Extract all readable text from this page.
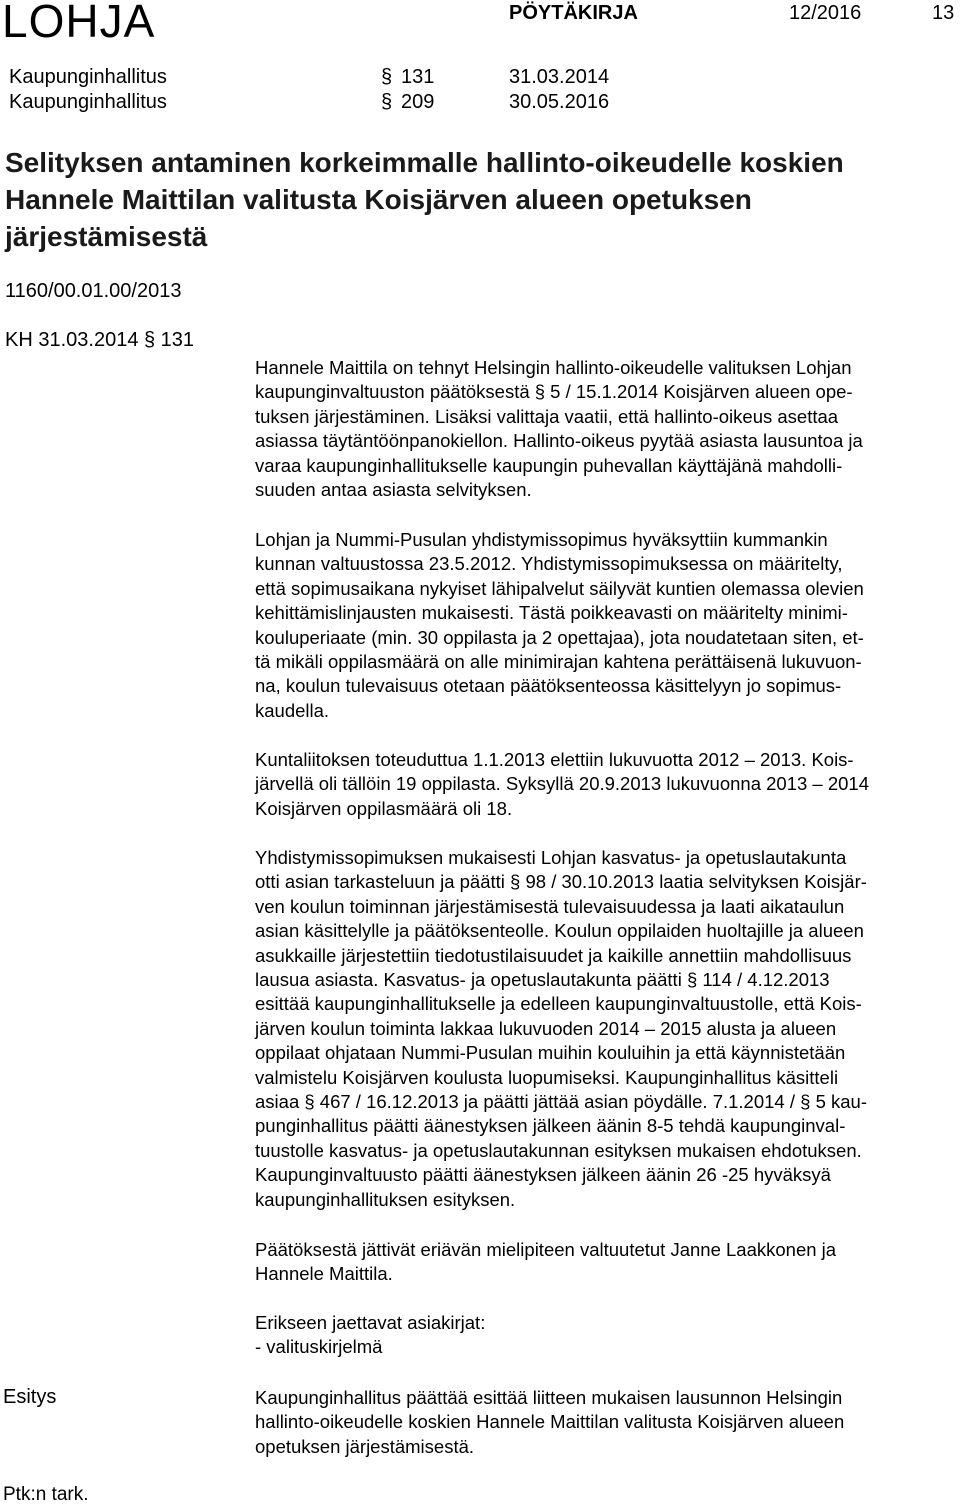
LOHJA	PÖYTÄKIRJA	12/2016	13
Kaupunginhallitus	§ 131	31.03.2014
Kaupunginhallitus	§ 209	30.05.2016
Selityksen antaminen korkeimmalle hallinto-oikeudelle koskien Hannele Maittilan valitusta Koisjärven alueen opetuksen järjestämisestä
1160/00.01.00/2013
KH 31.03.2014 § 131
Hannele Maittila on tehnyt Helsingin hallinto-oikeudelle valituksen Lohjan
kaupunginvaltuuston päätöksestä § 5 / 15.1.2014 Koisjärven alueen ope-
tuksen järjestäminen. Lisäksi valittaja vaatii, että hallinto-oikeus asettaa
asiassa täytäntöönpanokiellon. Hallinto-oikeus pyytää asiasta lausuntoa ja
varaa kaupunginhallitukselle kaupungin puhevallan käyttäjänä mahdolli-
suuden antaa asiasta selvityksen.
Lohjan ja Nummi-Pusulan yhdistymissopimus hyväksyttiin kummankin
kunnan valtuustossa 23.5.2012. Yhdistymissopimuksessa on määritelty,
että sopimusaikana nykyiset lähipalvelut säilyvät kuntien olemassa olevien
kehittämislinjausten mukaisesti. Tästä poikkeavasti on määritelty minimi-
kouluperiaate (min. 30 oppilasta ja 2 opettajaa), jota noudatetaan siten, et-
tä mikäli oppilasmäärä on alle minimirajan kahtena perättäisenä lukuvuon-
na, koulun tulevaisuus otetaan päätöksenteossa käsittelyyn jo sopimus-
kaudella.
Kuntaliitoksen toteuduttua 1.1.2013 elettiin lukuvuotta 2012 – 2013. Kois-
järvellä oli tällöin 19 oppilasta. Syksyllä 20.9.2013 lukuvuonna 2013 – 2014
Koisjärven oppilasmäärä oli 18.
Yhdistymissopimuksen mukaisesti Lohjan kasvatus- ja opetuslautakunta
otti asian tarkasteluun ja päätti § 98 / 30.10.2013 laatia selvityksen Koisjär-
ven koulun toiminnan järjestämisestä tulevaisuudessa ja laati aikataulun
asian käsittelylle ja päätöksenteolle. Koulun oppilaiden huoltajille ja alueen
asukkaille järjestettiin tiedotustilaisuudet ja kaikille annettiin mahdollisuus
lausua asiasta. Kasvatus- ja opetuslautakunta päätti § 114 / 4.12.2013
esittää kaupunginhallitukselle ja edelleen kaupunginvaltuustolle, että Kois-
järven koulun toiminta lakkaa lukuvuoden 2014 – 2015 alusta ja alueen
oppilaat ohjataan Nummi-Pusulan muihin kouluihin ja että käynnistetään
valmistelu Koisjärven koulusta luopumiseksi. Kaupunginhallitus käsitteli
asiaa § 467 / 16.12.2013 ja päätti jättää asian pöydälle. 7.1.2014 / § 5 kau-
punginhallitus päätti äänestyksen jälkeen äänin 8-5 tehdä kaupunginval-
tuustolle kasvatus- ja opetuslautakunnan esityksen mukaisen ehdotuksen.
Kaupunginvaltuusto päätti äänestyksen jälkeen äänin 26 -25 hyväksyä
kaupunginhallituksen esityksen.
Päätöksestä jättivät eriävän mielipiteen valtuutetut Janne Laakkonen ja
Hannele Maittila.
Erikseen jaettavat asiakirjat:
- valituskirjelmä
Esitys	Kaupunginhallitus päättää esittää liitteen mukaisen lausunnon Helsingin
hallinto-oikeudelle koskien Hannele Maittilan valitusta Koisjärven alueen
opetuksen järjestämisestä.
Ptk:n tark.
